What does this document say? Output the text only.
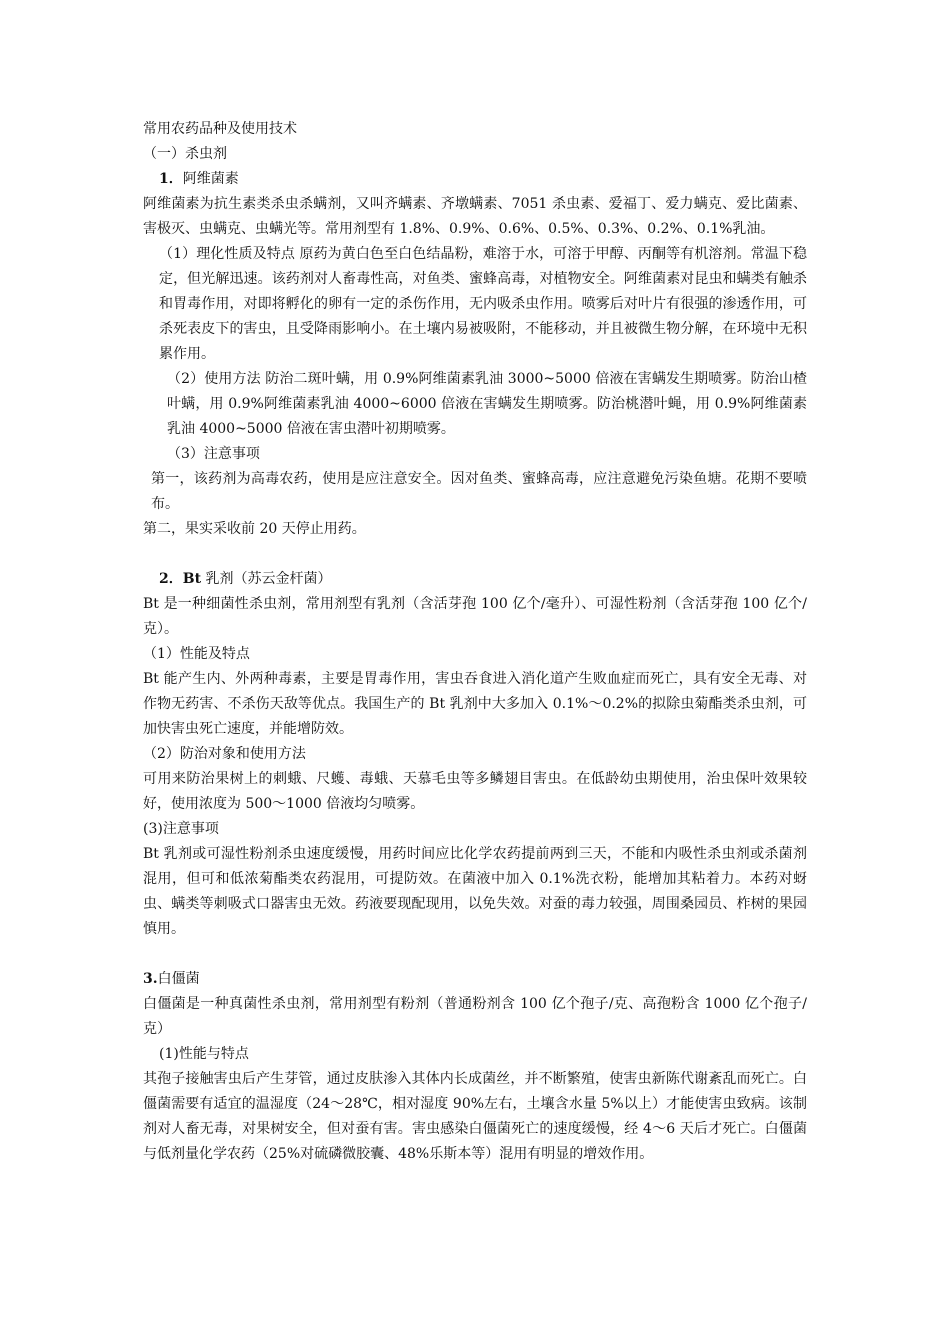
常用农药品种及使用技术

（一）杀虫剂

1．阿维菌素

阿维菌素为抗生素类杀虫杀螨剂，又叫齐螨素、齐墩螨素、7051 杀虫素、爱福丁、爱力螨克、爱比菌素、害极灭、虫螨克、虫螨光等。常用剂型有 1.8%、0.9%、0.6%、0.5%、0.3%、0.2%、0.1%乳油。

（1）理化性质及特点 原药为黄白色至白色结晶粉，难溶于水，可溶于甲醇、丙酮等有机溶剂。常温下稳定，但光解迅速。该药剂对人畜毒性高，对鱼类、蜜蜂高毒，对植物安全。阿维菌素对昆虫和螨类有触杀和胃毒作用，对即将孵化的卵有一定的杀伤作用，无内吸杀虫作用。喷雾后对叶片有很强的渗透作用，可杀死表皮下的害虫，且受降雨影响小。在土壤内易被吸附，不能移动，并且被微生物分解，在环境中无积累作用。

（2）使用方法 防治二斑叶螨，用 0.9%阿维菌素乳油 3000~5000 倍液在害螨发生期喷雾。防治山楂叶螨，用 0.9%阿维菌素乳油 4000~6000 倍液在害螨发生期喷雾。防治桃潜叶蝇，用 0.9%阿维菌素乳油 4000~5000 倍液在害虫潜叶初期喷雾。

（3）注意事项

第一，该药剂为高毒农药，使用是应注意安全。因对鱼类、蜜蜂高毒，应注意避免污染鱼塘。花期不要喷布。

第二，果实采收前 20 天停止用药。

2．Bt 乳剂（苏云金杆菌）

Bt 是一种细菌性杀虫剂，常用剂型有乳剂（含活芽孢 100 亿个/毫升）、可湿性粉剂（含活芽孢 100 亿个/克）。

（1）性能及特点

Bt 能产生内、外两种毒素，主要是胃毒作用，害虫吞食进入消化道产生败血症而死亡，具有安全无毒、对作物无药害、不杀伤天敌等优点。我国生产的 Bt 乳剂中大多加入 0.1%～0.2%的拟除虫菊酯类杀虫剂，可加快害虫死亡速度，并能增防效。

（2）防治对象和使用方法

可用来防治果树上的刺蛾、尺蠖、毒蛾、天慕毛虫等多鳞翅目害虫。在低龄幼虫期使用，治虫保叶效果较好，使用浓度为 500～1000 倍液均匀喷雾。

(3)注意事项

Bt 乳剂或可湿性粉剂杀虫速度缓慢，用药时间应比化学农药提前两到三天，不能和内吸性杀虫剂或杀菌剂混用，但可和低浓菊酯类农药混用，可提防效。在菌液中加入 0.1%洗衣粉，能增加其粘着力。本药对蚜虫、螨类等刺吸式口器害虫无效。药液要现配现用，以免失效。对蚕的毒力较强，周围桑园员、柞树的果园慎用。

3.白僵菌

白僵菌是一种真菌性杀虫剂，常用剂型有粉剂（普通粉剂含 100 亿个孢子/克、高孢粉含 1000 亿个孢子/克）

(1)性能与特点

其孢子接触害虫后产生芽管，通过皮肤渗入其体内长成菌丝，并不断繁殖，使害虫新陈代谢紊乱而死亡。白僵菌需要有适宜的温湿度（24～28℃，相对湿度 90%左右，土壤含水量 5%以上）才能使害虫致病。该制剂对人畜无毒，对果树安全，但对蚕有害。害虫感染白僵菌死亡的速度缓慢，经 4～6 天后才死亡。白僵菌与低剂量化学农药（25%对硫磷微胶囊、48%乐斯本等）混用有明显的增效作用。
